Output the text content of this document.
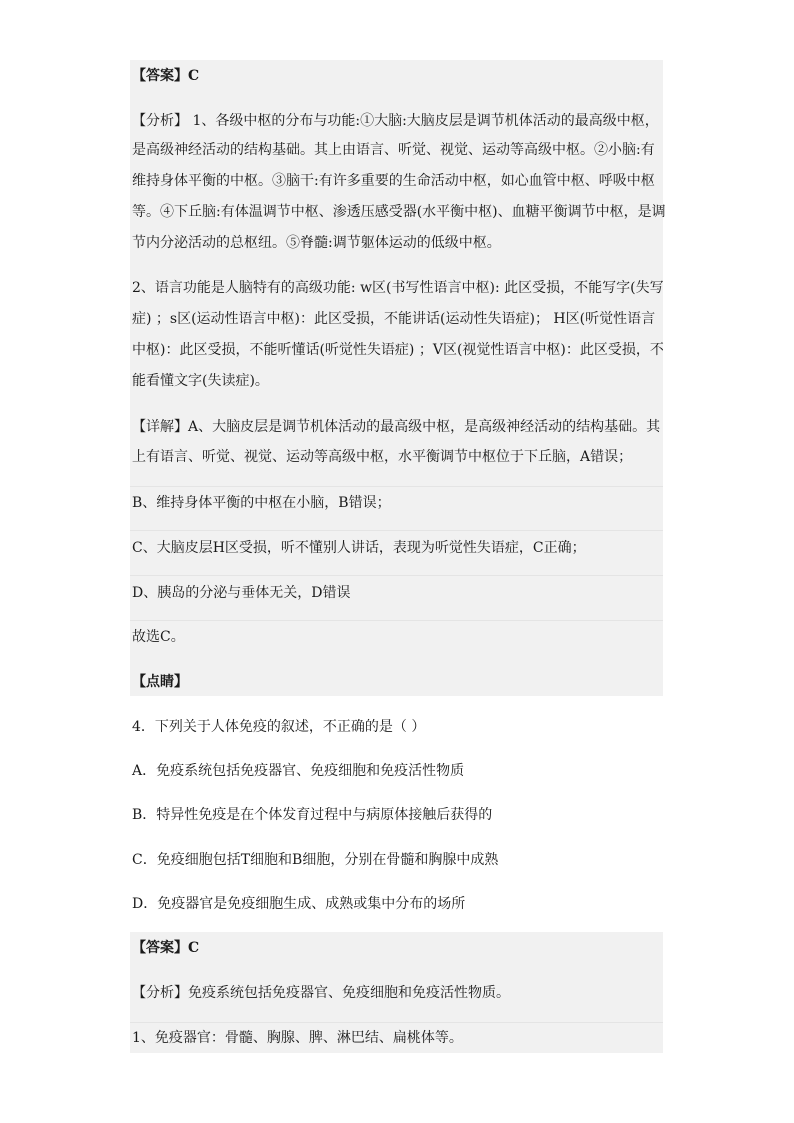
【答案】C
【分析】 1、各级中枢的分布与功能:①大脑:大脑皮层是调节机体活动的最高级中枢，
是高级神经活动的结构基础。其上由语言、听觉、视觉、运动等高级中枢。②小脑:有
维持身体平衡的中枢。③脑干:有许多重要的生命活动中枢，如心血管中枢、呼吸中枢
等。④下丘脑:有体温调节中枢、渗透压感受器(水平衡中枢)、血糖平衡调节中枢，是调
节内分泌活动的总枢纽。⑤脊髓:调节躯体运动的低级中枢。
2、语言功能是人脑特有的高级功能: w区(书写性语言中枢): 此区受损，不能写字(失写
症) ；s区(运动性语言中枢)：此区受损，不能讲话(运动性失语症)； H区(听觉性语言
中枢)：此区受损，不能听懂话(听觉性失语症) ；V区(视觉性语言中枢)：此区受损，不
能看懂文字(失读症)。
【详解】A、大脑皮层是调节机体活动的最高级中枢，是高级神经活动的结构基础。其
上有语言、听觉、视觉、运动等高级中枢，水平衡调节中枢位于下丘脑，A错误；
B、维持身体平衡的中枢在小脑，B错误；
C、大脑皮层H区受损，听不懂别人讲话，表现为听觉性失语症，C正确；
D、胰岛的分泌与垂体无关，D错误
故选C。
【点睛】
4．下列关于人体免疫的叙述，不正确的是（ ）
A．免疫系统包括免疫器官、免疫细胞和免疫活性物质
B．特异性免疫是在个体发育过程中与病原体接触后获得的
C．免疫细胞包括T细胞和B细胞，分别在骨髓和胸腺中成熟
D．免疫器官是免疫细胞生成、成熟或集中分布的场所
【答案】C
【分析】免疫系统包括免疫器官、免疫细胞和免疫活性物质。
1、免疫器官：骨髓、胸腺、脾、淋巴结、扁桃体等。
